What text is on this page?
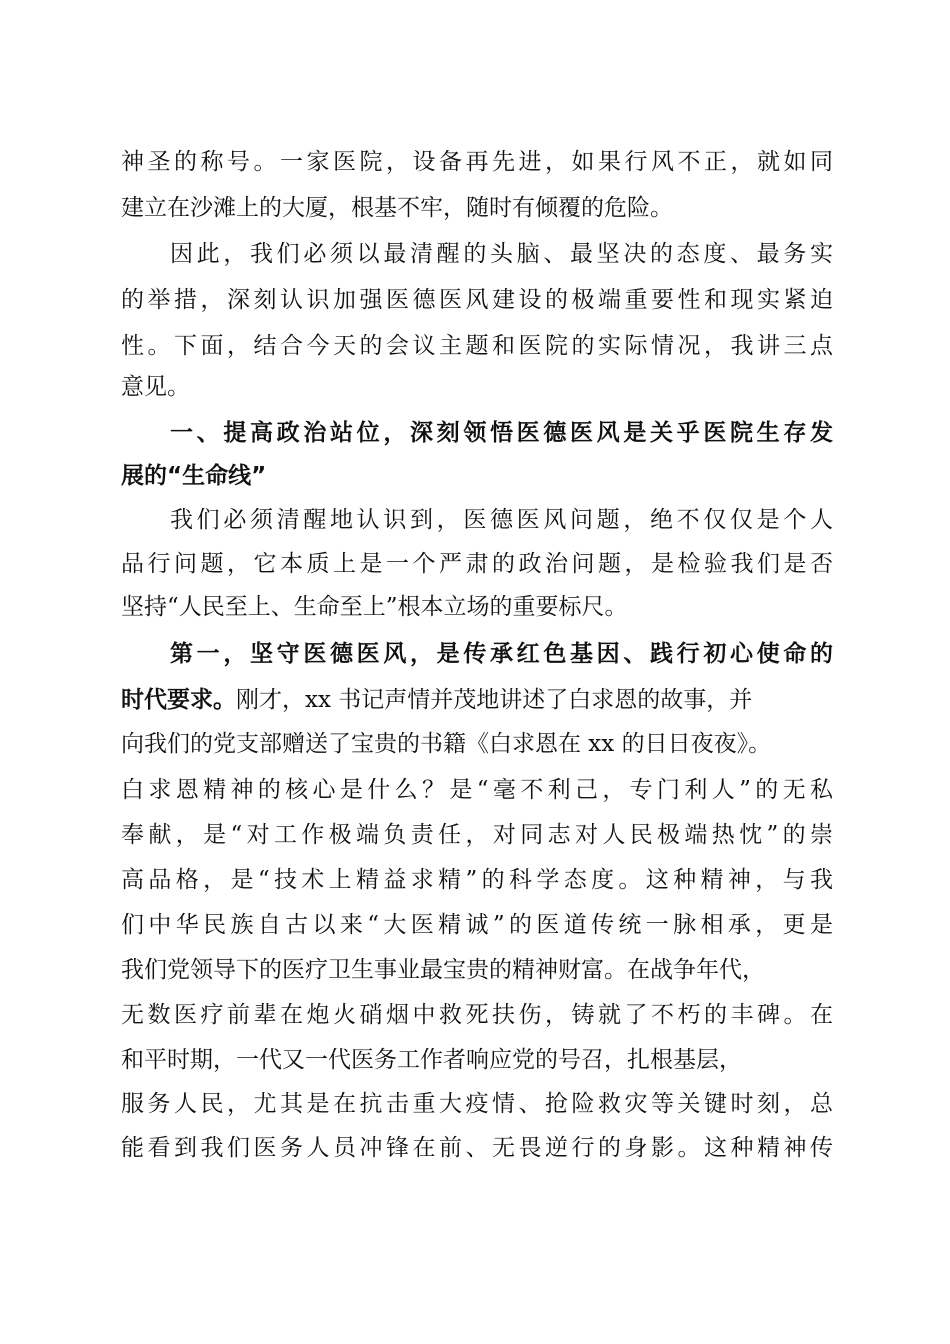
神圣的称号。一家医院，设备再先进，如果行风不正，就如同
建立在沙滩上的大厦，根基不牢，随时有倾覆的危险。
因此，我们必须以最清醒的头脑、最坚决的态度、最务实
的举措，深刻认识加强医德医风建设的极端重要性和现实紧迫
性。下面，结合今天的会议主题和医院的实际情况，我讲三点
意见。
一、提高政治站位，深刻领悟医德医风是关乎医院生存发
展的“生命线”
我们必须清醒地认识到，医德医风问题，绝不仅仅是个人
品行问题，它本质上是一个严肃的政治问题，是检验我们是否
坚持“人民至上、生命至上”根本立场的重要标尺。
第一，坚守医德医风，是传承红色基因、践行初心使命的
时代要求。刚才，xx 书记声情并茂地讲述了白求恩的故事，并
向我们的党支部赠送了宝贵的书籍《白求恩在 xx 的日日夜夜》。
白求恩精神的核心是什么？是“毫不利己，专门利人”的无私
奉献，是“对工作极端负责任，对同志对人民极端热忱”的崇
高品格，是“技术上精益求精”的科学态度。这种精神，与我
们中华民族自古以来“大医精诚”的医道传统一脉相承，更是
我们党领导下的医疗卫生事业最宝贵的精神财富。在战争年代，
无数医疗前辈在炮火硝烟中救死扶伤，铸就了不朽的丰碑。在
和平时期，一代又一代医务工作者响应党的号召，扎根基层，
服务人民，尤其是在抗击重大疫情、抢险救灾等关键时刻，总
能看到我们医务人员冲锋在前、无畏逆行的身影。这种精神传
